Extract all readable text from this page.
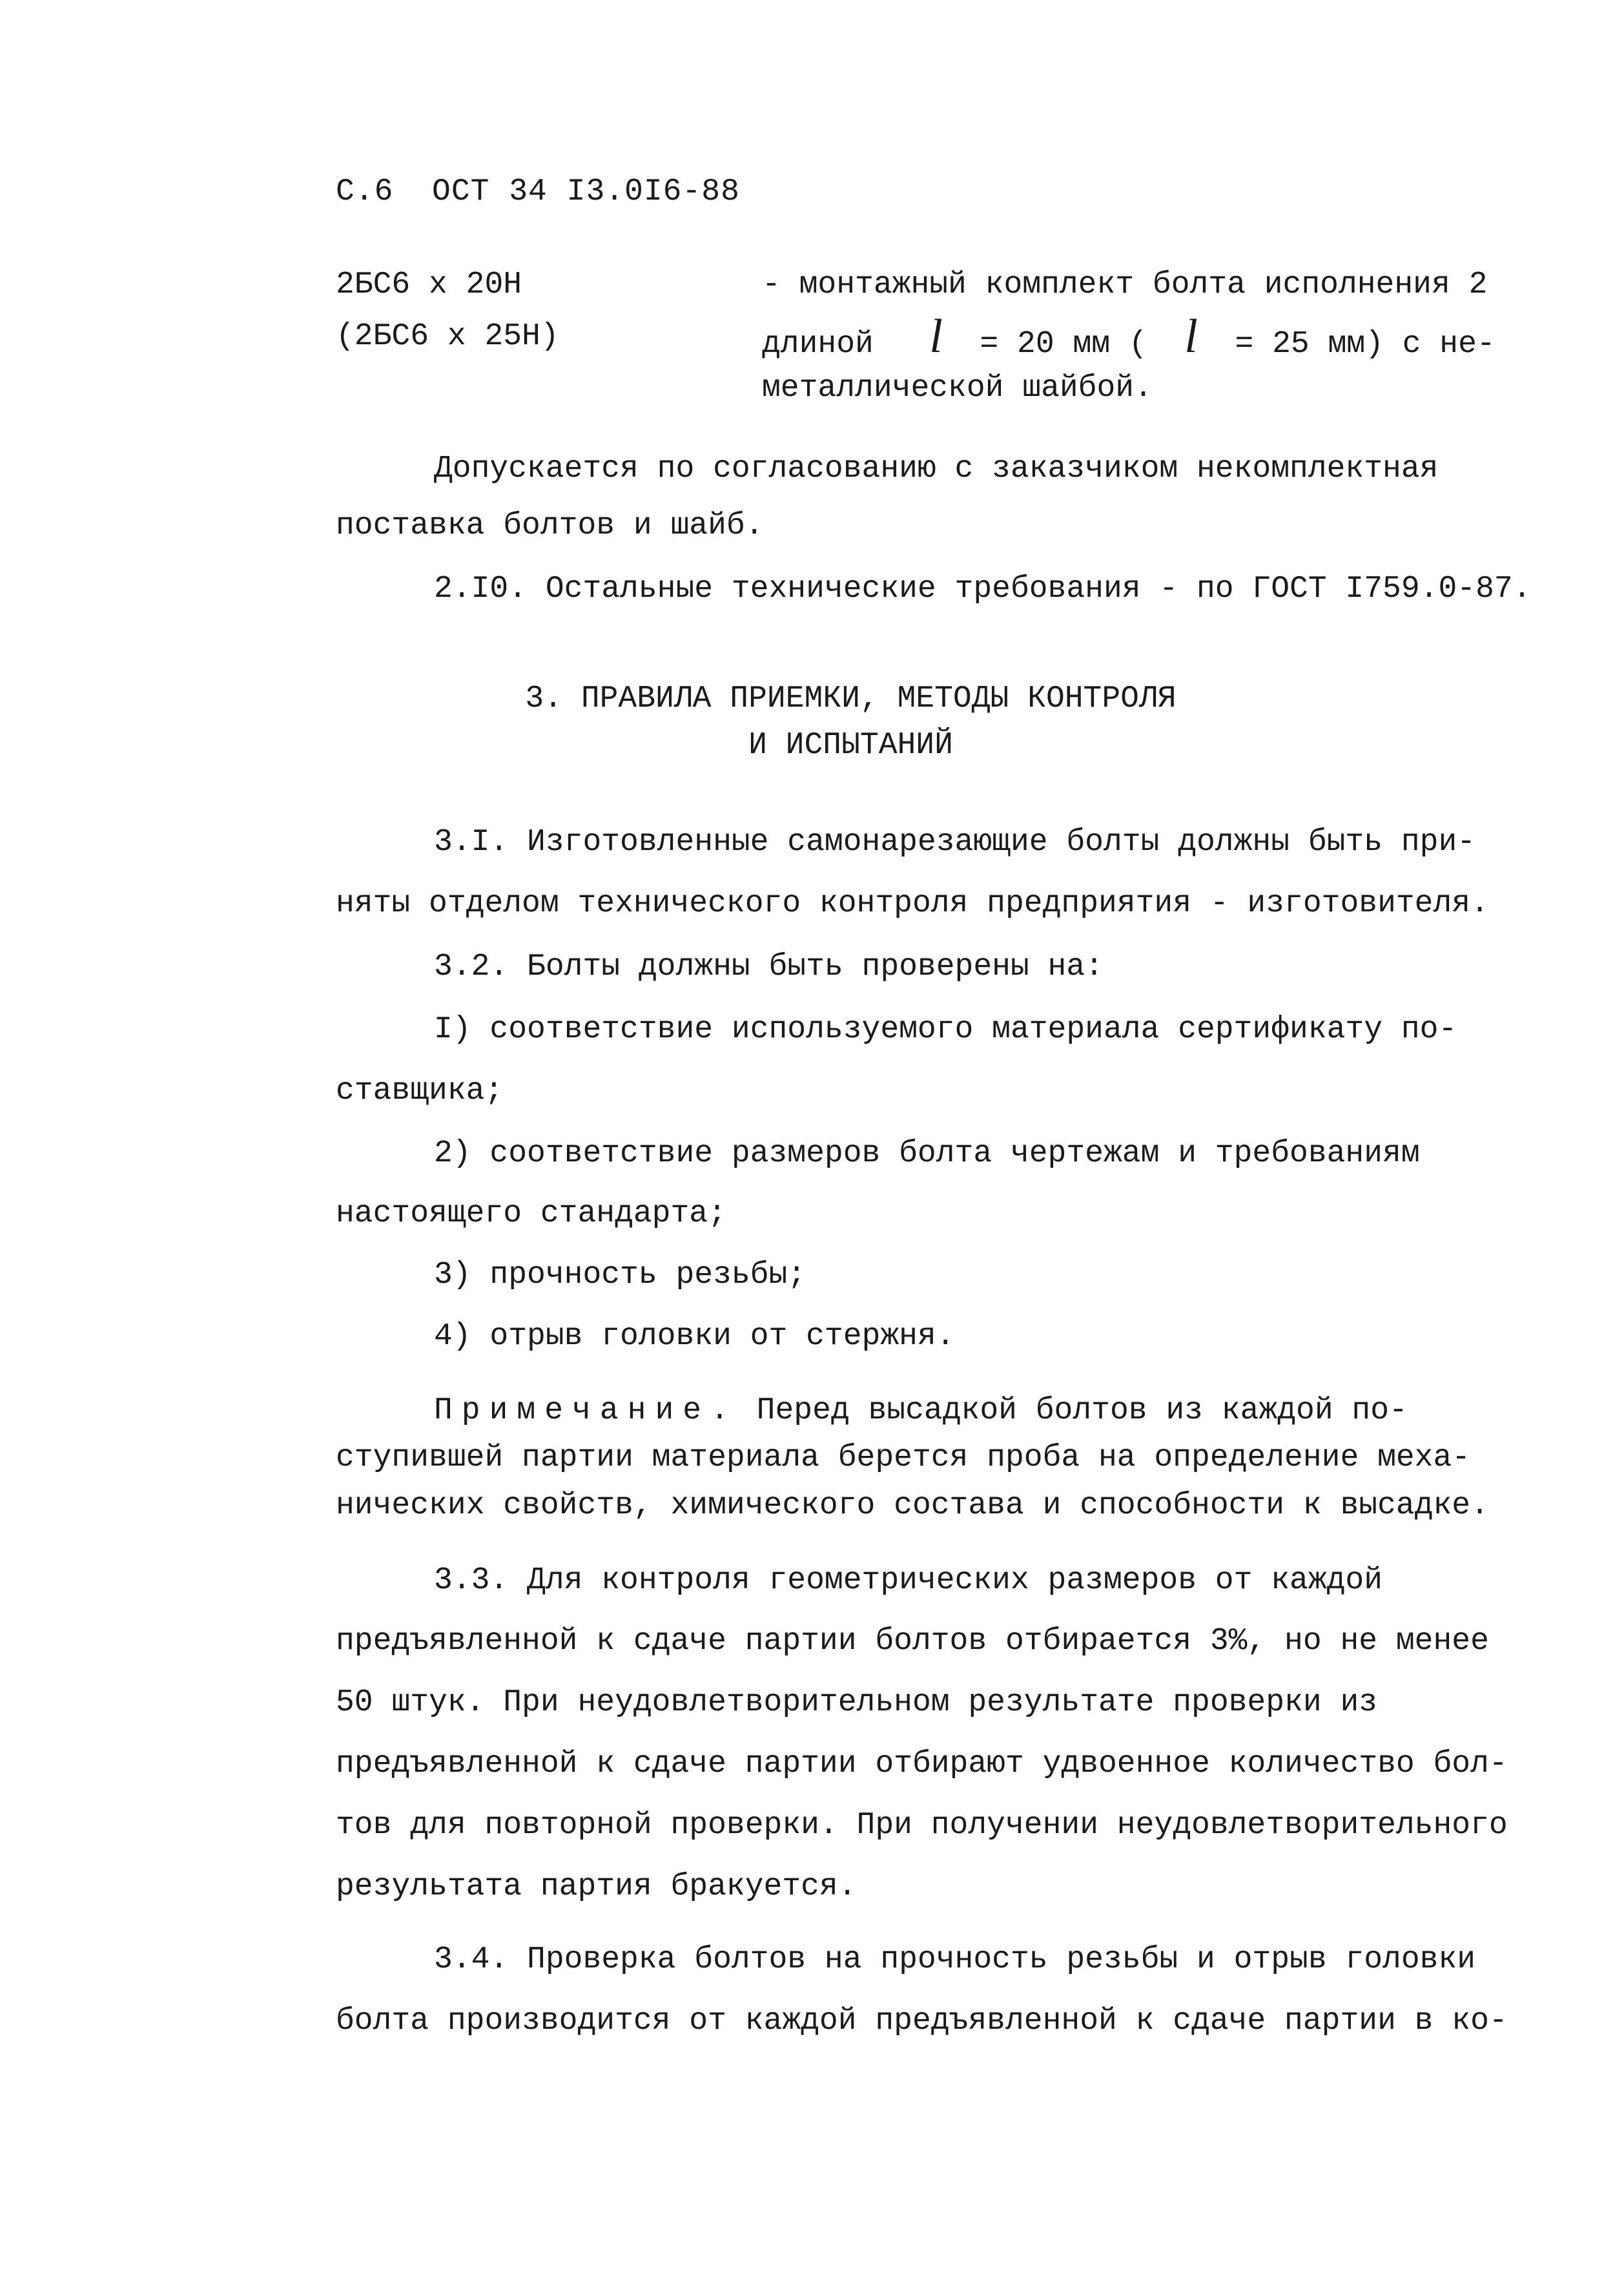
С.6  ОСТ 34 I3.0I6-88
2БС6 х 20Н
(2БС6 х 25Н)
- монтажный комплект болта исполнения 2
длиной l = 20 мм ( l = 25 мм) с не-
металлической шайбой.
Допускается по согласованию с заказчиком некомплектная
поставка болтов и шайб.
2.I0. Остальные технические требования - по ГОСТ I759.0-87.
3. ПРАВИЛА ПРИЕМКИ, МЕТОДЫ КОНТРОЛЯ
И ИСПЫТАНИЙ
3.I. Изготовленные самонарезающие болты должны быть при-
няты отделом технического контроля предприятия - изготовителя.
3.2. Болты должны быть проверены на:
I) соответствие используемого материала сертификату по-
ставщика;
2) соответствие размеров болта чертежам и требованиям
настоящего стандарта;
3) прочность резьбы;
4) отрыв головки от стержня.
Примечание. Перед высадкой болтов из каждой по-
ступившей партии материала берется проба на определение меха-
нических свойств, химического состава и способности к высадке.
3.3. Для контроля геометрических размеров от каждой
предъявленной к сдаче партии болтов отбирается 3%, но не менее
50 штук. При неудовлетворительном результате проверки из
предъявленной к сдаче партии отбирают удвоенное количество бол-
тов для повторной проверки. При получении неудовлетворительного
результата партия бракуется.
3.4. Проверка болтов на прочность резьбы и отрыв головки
болта производится от каждой предъявленной к сдаче партии в ко-
